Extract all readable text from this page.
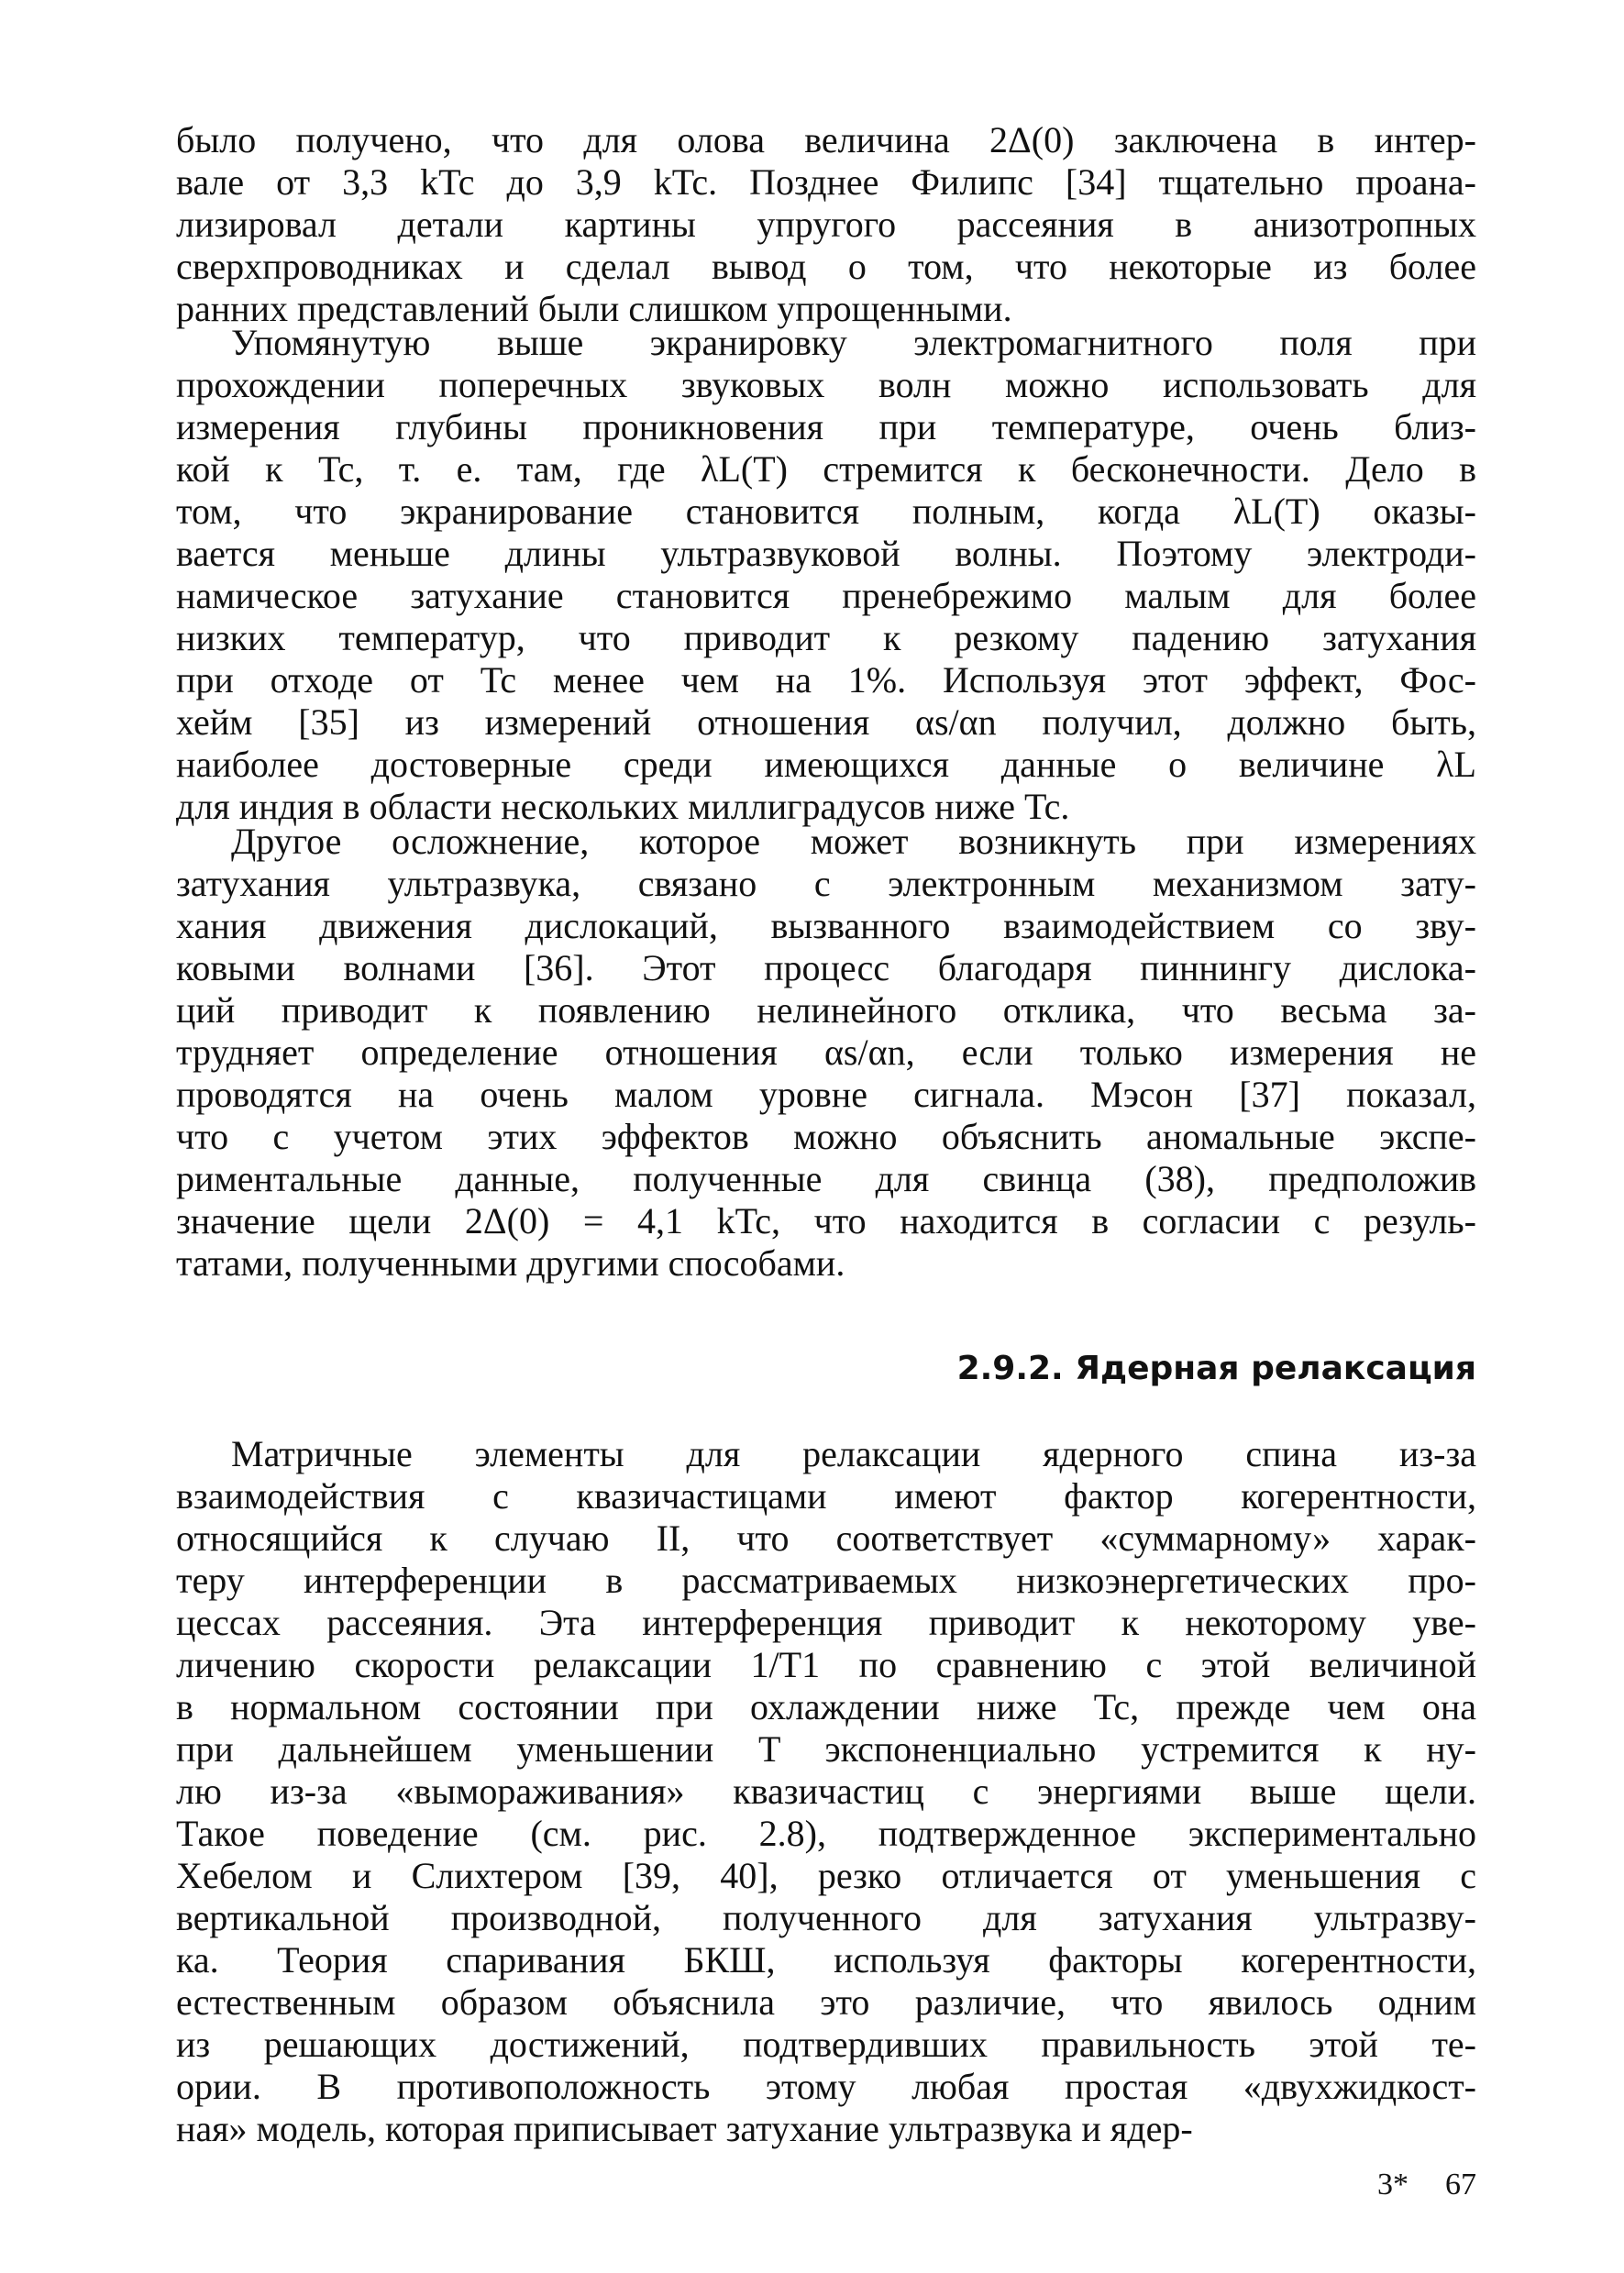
было получено, что для олова величина 2Δ(0) заключена в интер-
вале от 3,3 kTc до 3,9 kTc. Позднее Филипс [34] тщательно проана-
лизировал детали картины упругого рассеяния в анизотропных
сверхпроводниках и сделал вывод о том, что некоторые из более
ранних представлений были слишком упрощенными.
Упомянутую выше экранировку электромагнитного поля при
прохождении поперечных звуковых волн можно использовать для
измерения глубины проникновения при температуре, очень близ-
кой к Tc, т. е. там, где λL(T) стремится к бесконечности. Дело в
том, что экранирование становится полным, когда λL(T) оказы-
вается меньше длины ультразвуковой волны. Поэтому электроди-
намическое затухание становится пренебрежимо малым для более
низких температур, что приводит к резкому падению затухания
при отходе от Tc менее чем на 1%. Используя этот эффект, Фос-
хейм [35] из измерений отношения αs/αn получил, должно быть,
наиболее достоверные среди имеющихся данные о величине λL
для индия в области нескольких миллиградусов ниже Tc.
Другое осложнение, которое может возникнуть при измерениях
затухания ультразвука, связано с электронным механизмом зату-
хания движения дислокаций, вызванного взаимодействием со зву-
ковыми волнами [36]. Этот процесс благодаря пиннингу дислока-
ций приводит к появлению нелинейного отклика, что весьма за-
трудняет определение отношения αs/αn, если только измерения не
проводятся на очень малом уровне сигнала. Мэсон [37] показал,
что с учетом этих эффектов можно объяснить аномальные экспе-
риментальные данные, полученные для свинца (38), предположив
значение щели 2Δ(0) = 4,1 kTc, что находится в согласии с резуль-
татами, полученными другими способами.
2.9.2. Ядерная релаксация
Матричные элементы для релаксации ядерного спина из-за
взаимодействия с квазичастицами имеют фактор когерентности,
относящийся к случаю II, что соответствует «суммарному» харак-
теру интерференции в рассматриваемых низкоэнергетических про-
цессах рассеяния. Эта интерференция приводит к некоторому уве-
личению скорости релаксации 1/T1 по сравнению с этой величиной
в нормальном состоянии при охлаждении ниже Tc, прежде чем она
при дальнейшем уменьшении T экспоненциально устремится к ну-
лю из-за «вымораживания» квазичастиц с энергиями выше щели.
Такое поведение (см. рис. 2.8), подтвержденное экспериментально
Хебелом и Слихтером [39, 40], резко отличается от уменьшения с
вертикальной производной, полученного для затухания ультразву-
ка. Теория спаривания БКШ, используя факторы когерентности,
естественным образом объяснила это различие, что явилось одним
из решающих достижений, подтвердивших правильность этой те-
ории. В противоположность этому любая простая «двухжидкост-
ная» модель, которая приписывает затухание ультразвука и ядер-
3* 67
